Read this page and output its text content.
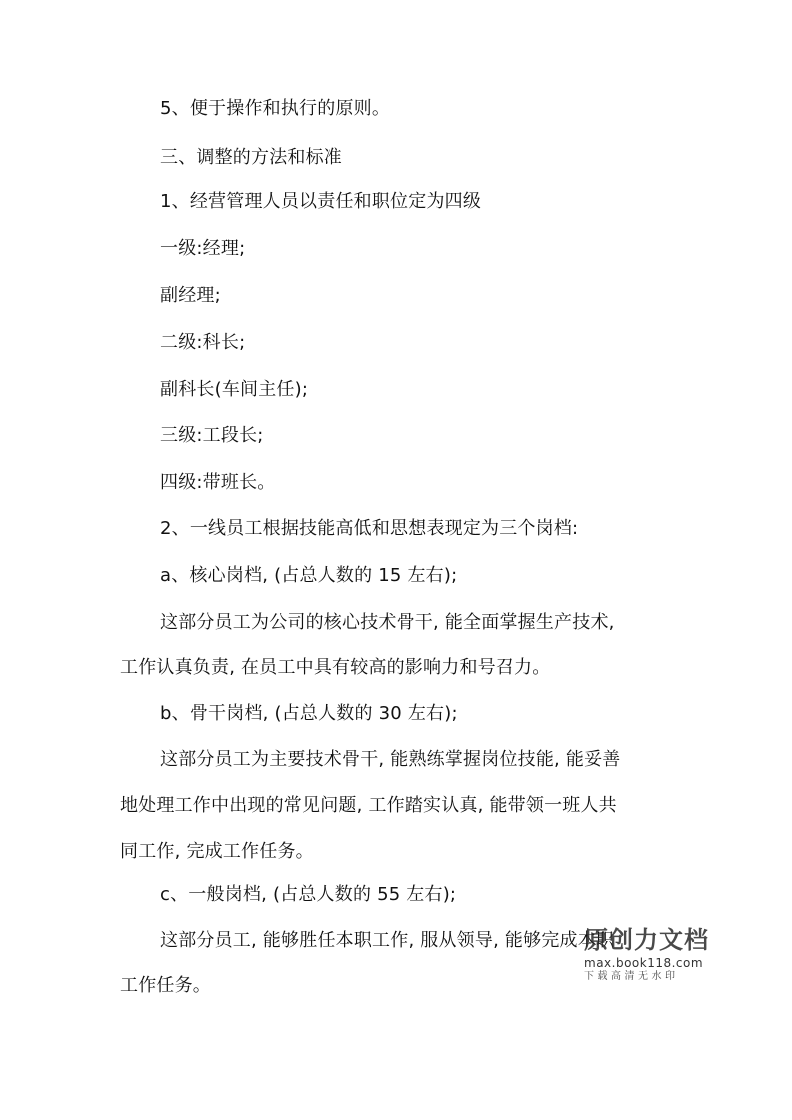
5、便于操作和执行的原则。
三、调整的方法和标准
1、经营管理人员以责任和职位定为四级
一级:经理;
副经理;
二级:科长;
副科长(车间主任);
三级:工段长;
四级:带班长。
2、一线员工根据技能高低和思想表现定为三个岗档:
a、核心岗档, (占总人数的 15 左右);
这部分员工为公司的核心技术骨干, 能全面掌握生产技术,
工作认真负责, 在员工中具有较高的影响力和号召力。
b、骨干岗档, (占总人数的 30 左右);
这部分员工为主要技术骨干, 能熟练掌握岗位技能, 能妥善
地处理工作中出现的常见问题, 工作踏实认真, 能带领一班人共
同工作, 完成工作任务。
c、一般岗档, (占总人数的 55 左右);
这部分员工, 能够胜任本职工作, 服从领导, 能够完成本职
工作任务。
原创力文档
max.book118.com
下载高清无水印
